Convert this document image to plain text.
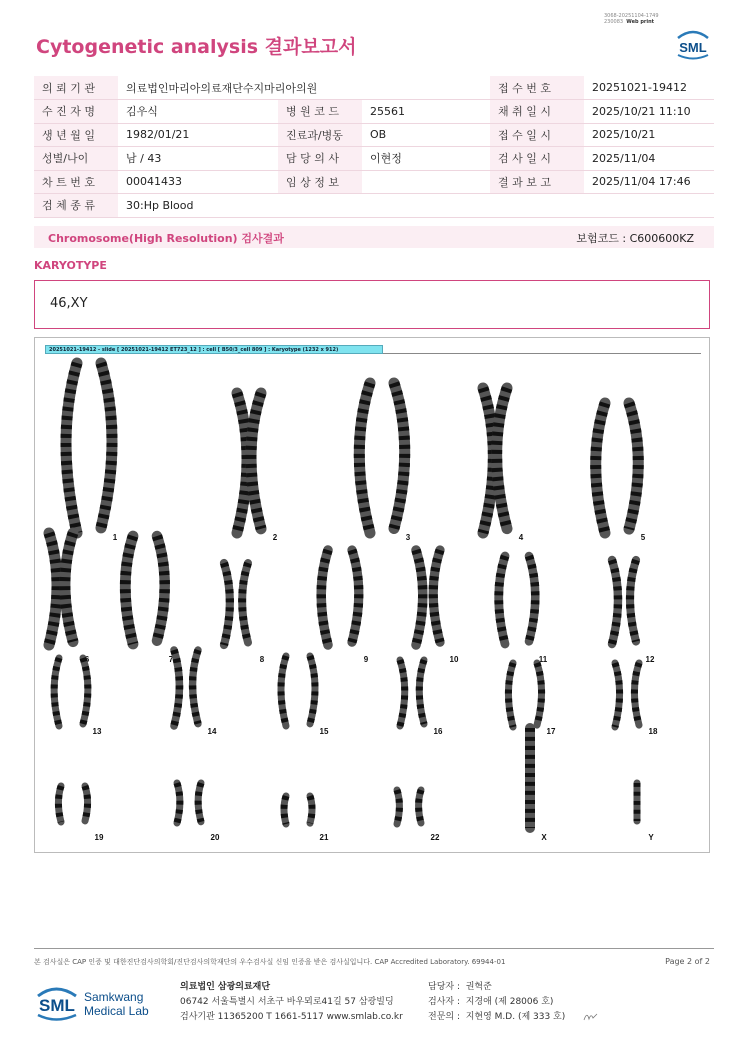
3068-20251104-1749
230083 Web print
Cytogenetic analysis 결과보고서	SML
의 뢰 기 관	의료법인마리아의료재단수지마리아의원			접 수 번 호	20251021-19412
수 진 자 명	김우식	병 원 코 드	25561	채 취 일 시	2025/10/21 11:10
생 년 월 일	1982/01/21	진료과/병동	OB	접 수 일 시	2025/10/21
성별/나이	남 / 43	담 당 의 사	이현정	검 사 일 시	2025/11/04
차 트 번 호	00041433	임 상 정 보		결 과 보 고	2025/11/04 17:46
검 체 종 류	30:Hp Blood				
Chromosome(High Resolution) 검사결과	보험코드 : C600600KZ
KARYOTYPE
46,XY
20251021-19412 - slide [ 20251021-19412 ET723_12 ] : cell [ B50/3_cell 809 ] : Karyotype (1232 x 912)
1	2	3	4	5
6	7	8	9	10	11	12
13	14	15	16	17	18
19	20	21	22	X	Y
본 검사실은 CAP 인증 및 대한진단검사의학회/진단검사의학재단의 우수검사실 신임 인증을 받은 검사실입니다. CAP Accredited Laboratory. 69944-01	Page 2 of 2
SML Samkwang
Medical Lab
의료법인 삼광의료재단
06742 서울특별시 서초구 바우뫼로41길 57 삼광빌딩
검사기관 11365200 T 1661-5117 www.smlab.co.kr
담당자 : 권혁준
검사자 : 지경애 (제 28006 호)
전문의 : 지현영 M.D. (제 333 호)
